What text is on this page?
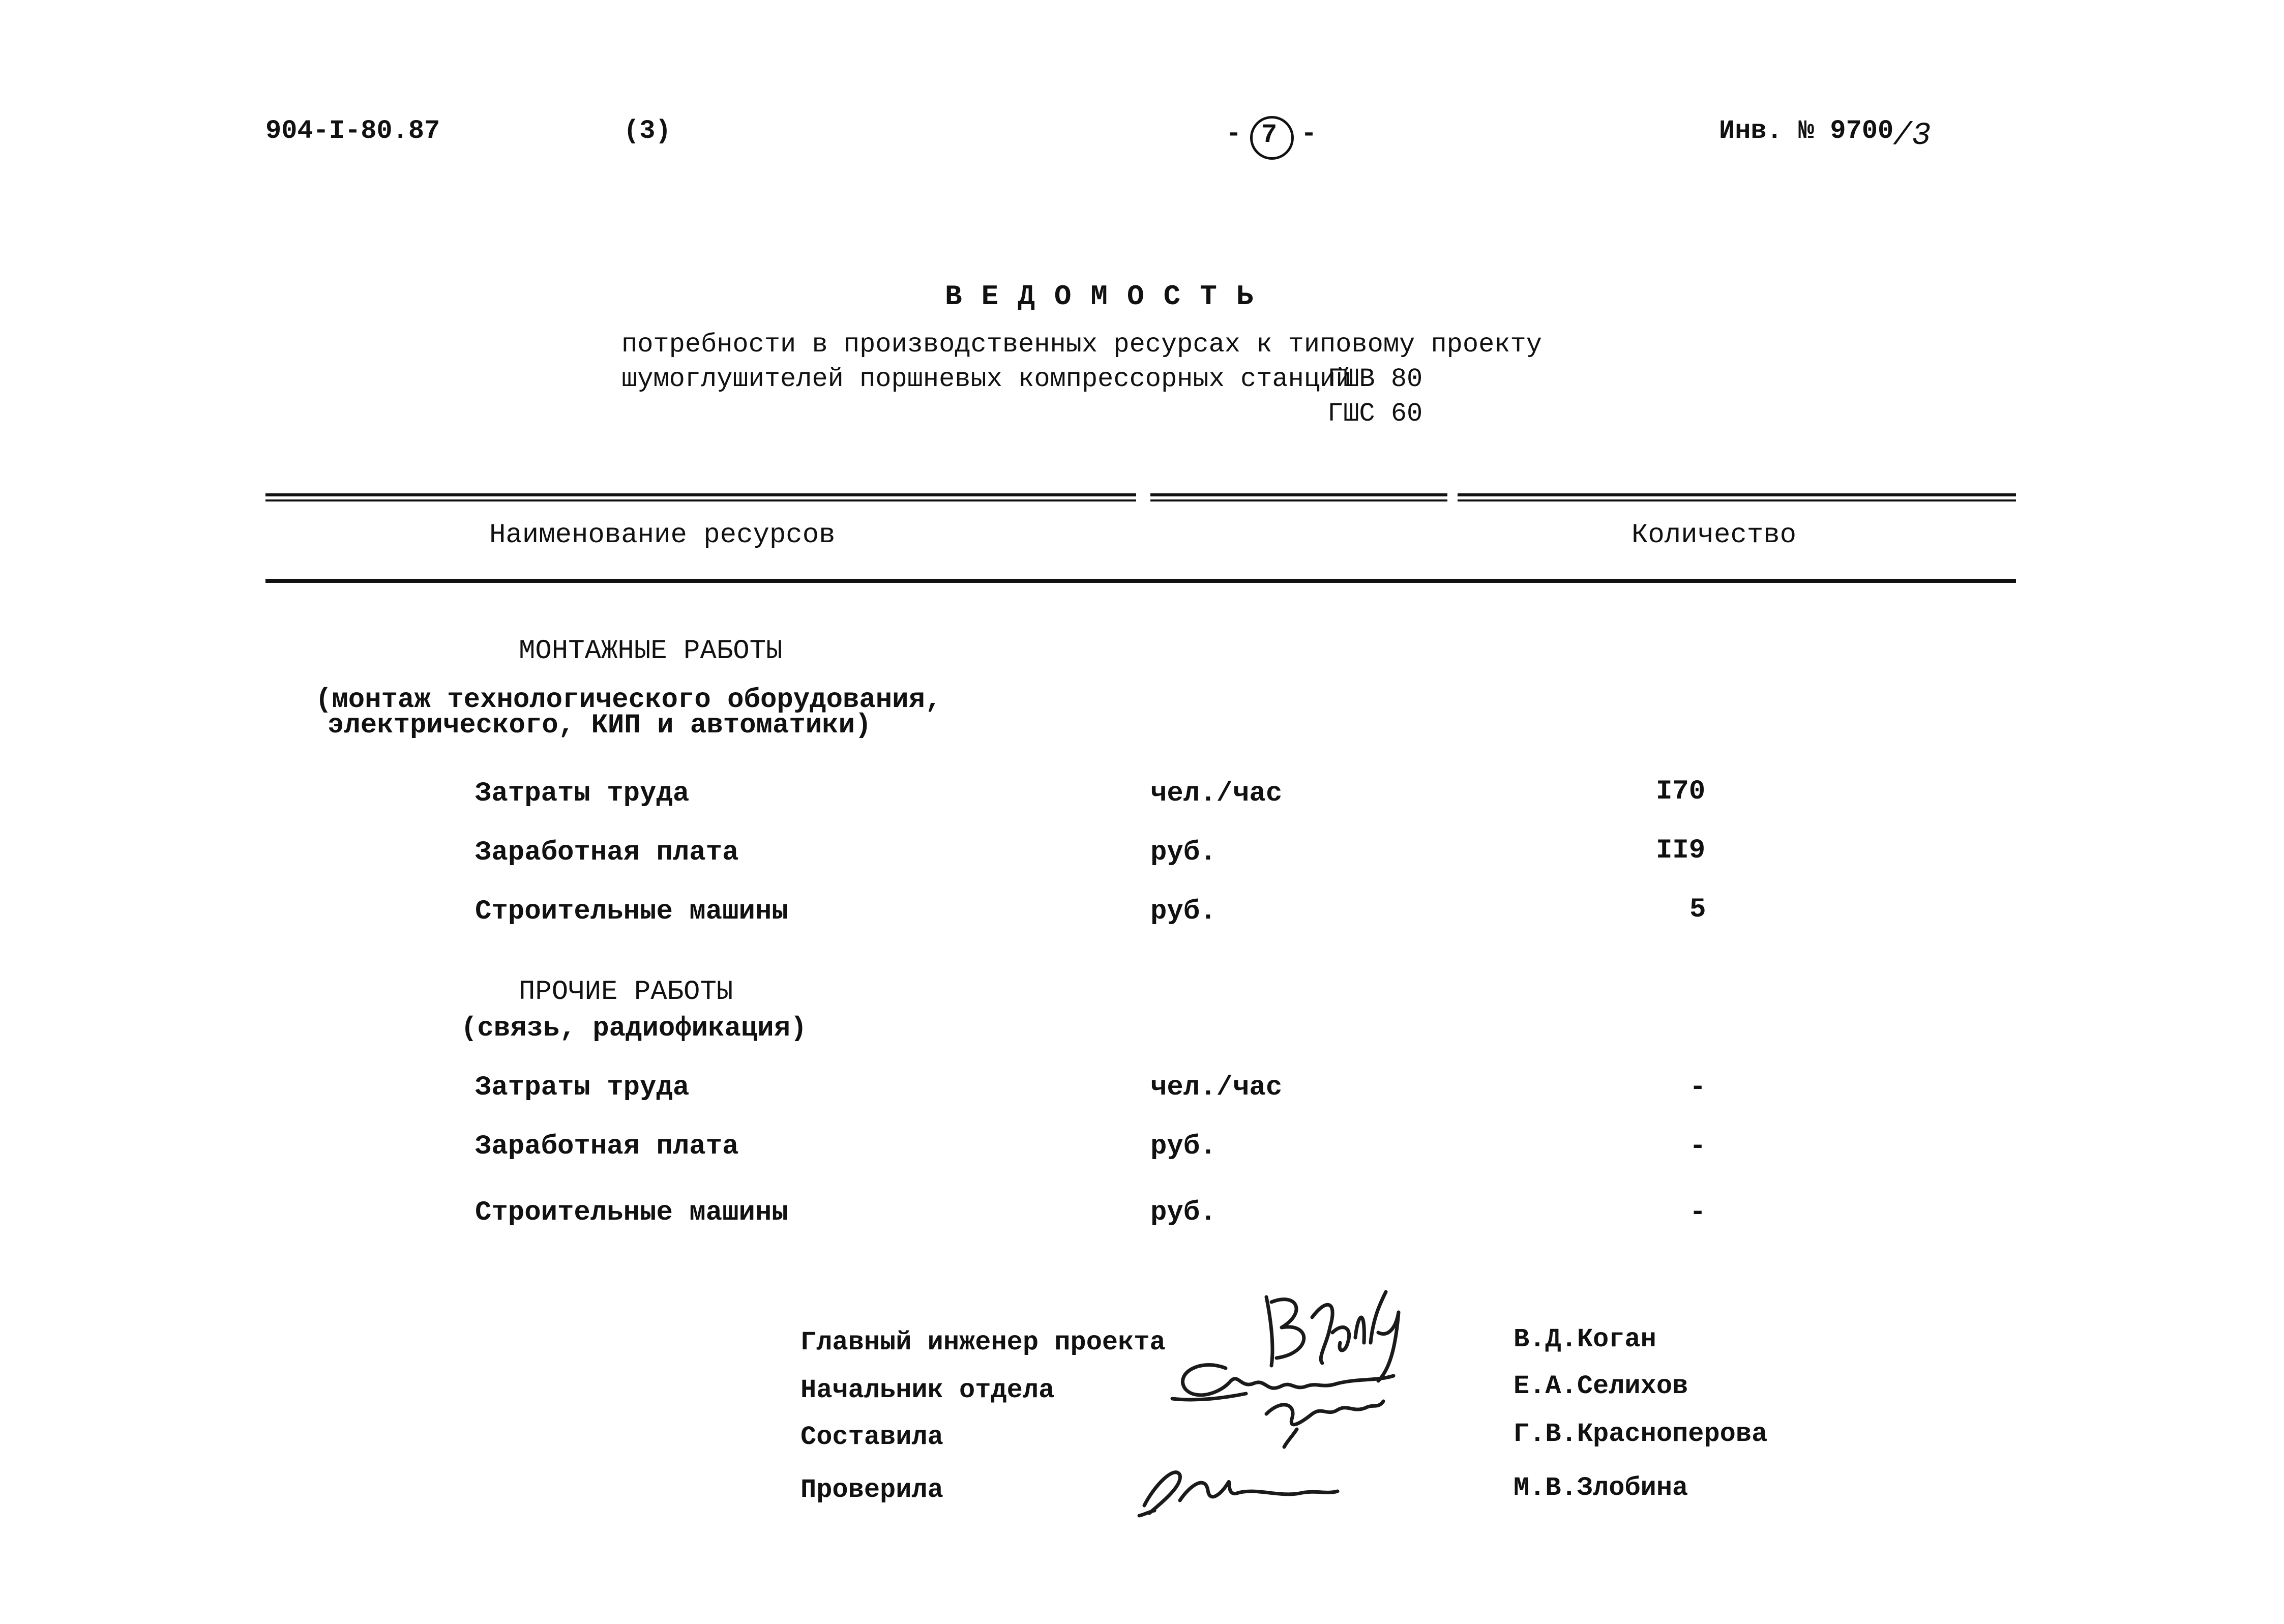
904-I-80.87	(3)	- 7 -	Инв. № 9700
/3
ВЕДОМОСТЬ
потребности в производственных ресурсах к типовому проекту
шумоглушителей поршневых компрессорных станций
ГШВ 80
ГШС 60
Наименование ресурсов	Количество
МОНТАЖНЫЕ РАБОТЫ
(монтаж технологического оборудования,
электрического, КИП и автоматики)
Затраты труда	чел./час	I70
Заработная плата	руб.	II9
Строительные машины	руб.	5
ПРОЧИЕ РАБОТЫ
(связь, радиофикация)
Затраты труда	чел./час	-
Заработная плата	руб.	-
Строительные машины	руб.	-
Главный инженер проекта	В.Д.Коган
Начальник отдела	Е.А.Селихов
Составила	Г.В.Красноперова
Проверила	М.В.Злобина
